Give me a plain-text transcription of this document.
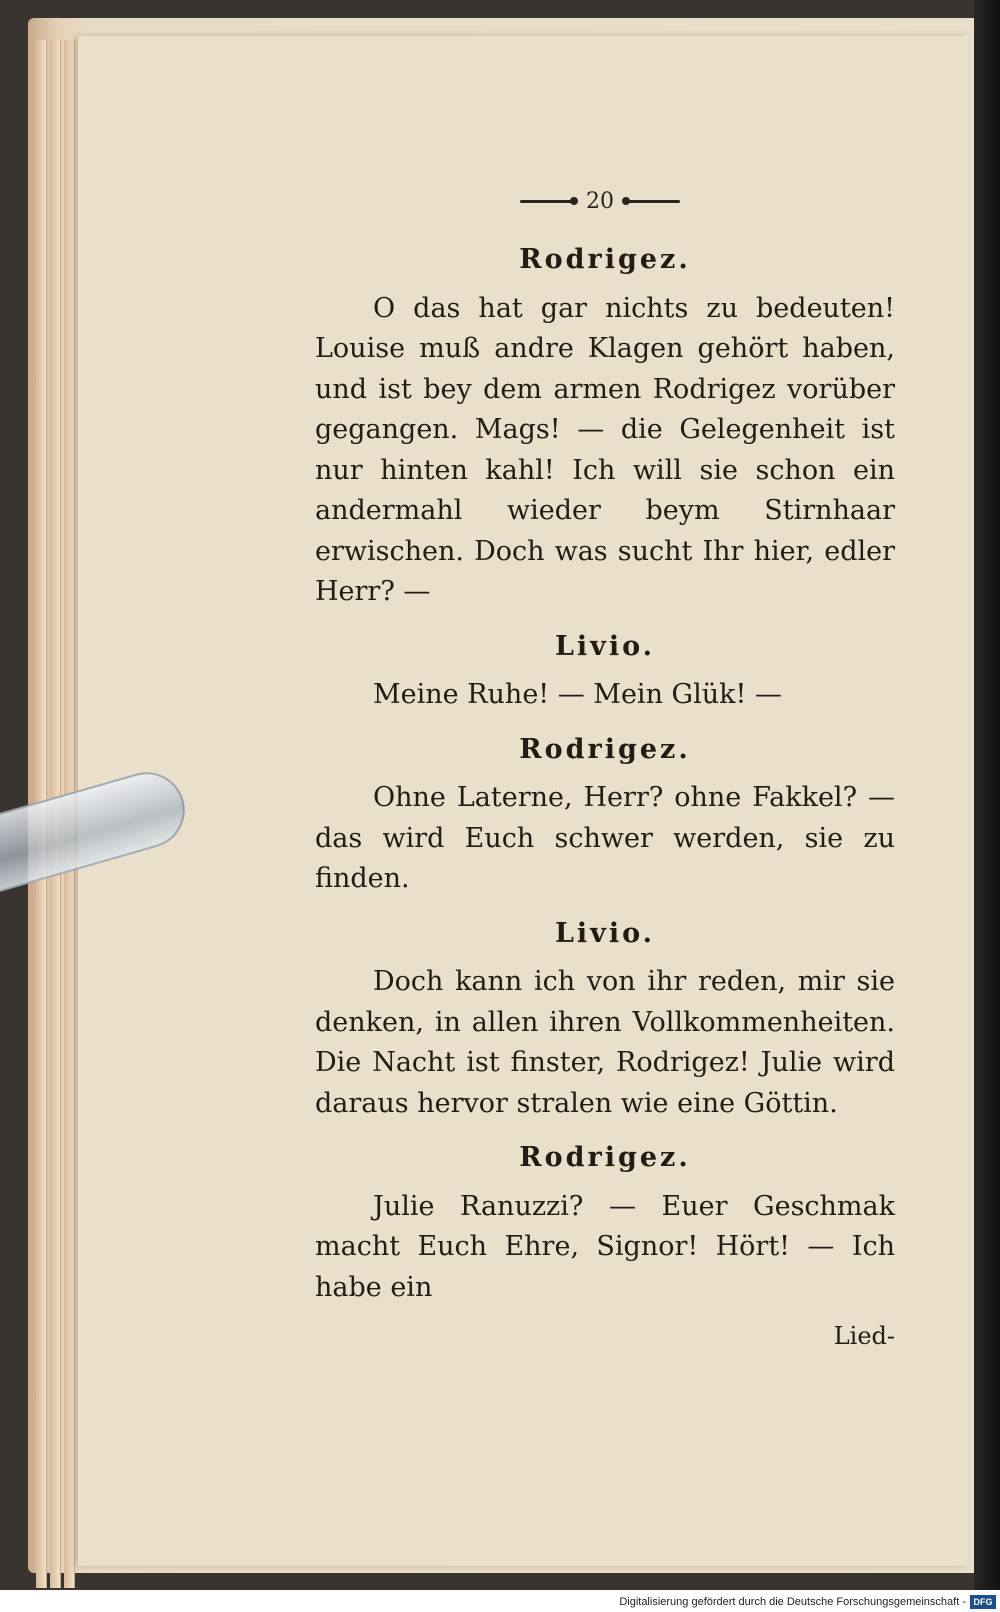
20
Rodrigez.

O das hat gar nichts zu bedeuten! Louise muß andre Klagen gehört haben, und ist bey dem armen Rodrigez vorüber gegangen. Mags! — die Gelegenheit ist nur hinten kahl! Ich will sie schon ein andermahl wieder beym Stirnhaar erwischen. Doch was sucht Ihr hier, edler Herr? —

Livio.

Meine Ruhe! — Mein Glük! —

Rodrigez.

Ohne Laterne, Herr? ohne Fakkel? — das wird Euch schwer werden, sie zu finden.

Livio.

Doch kann ich von ihr reden, mir sie denken, in allen ihren Vollkommenheiten. Die Nacht ist finster, Rodrigez! Julie wird daraus hervor stralen wie eine Göttin.

Rodrigez.

Julie Ranuzzi? — Euer Geschmak macht Euch Ehre, Signor! Hört! — Ich habe ein

Lied-
Digitalisierung gefördert durch die Deutsche Forschungsgemeinschaft - DFG
